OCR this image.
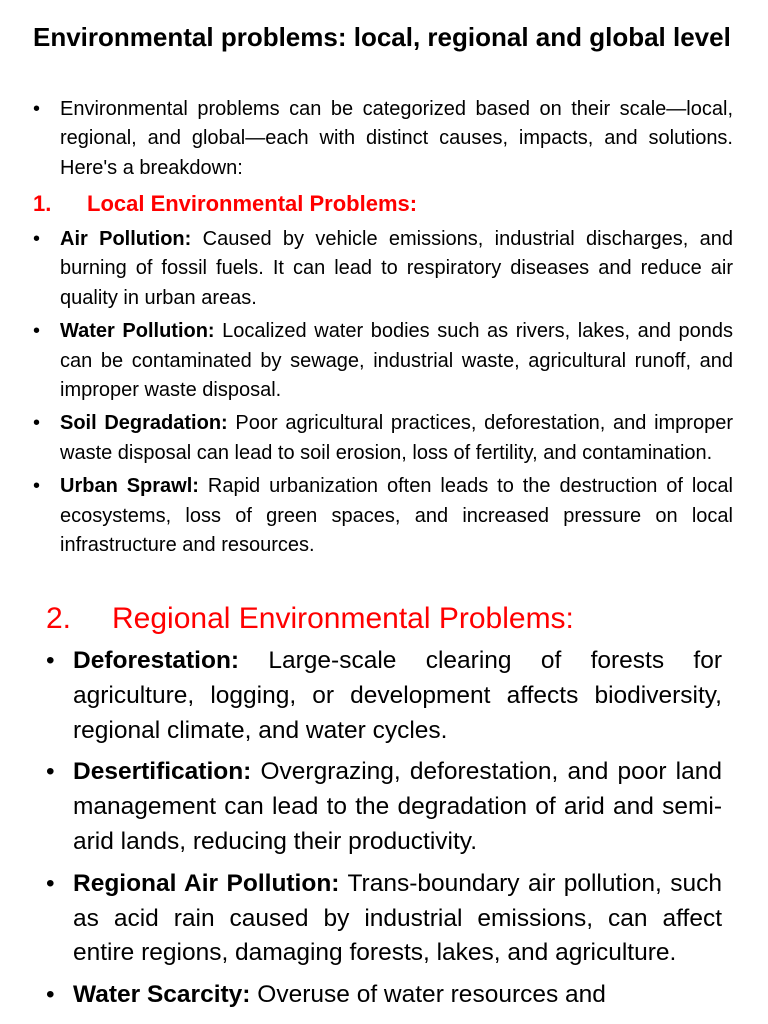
Environmental problems: local, regional and global level
• Environmental problems can be categorized based on their scale—local, regional, and global—each with distinct causes, impacts, and solutions. Here's a breakdown:
1. Local Environmental Problems:
• Air Pollution: Caused by vehicle emissions, industrial discharges, and burning of fossil fuels. It can lead to respiratory diseases and reduce air quality in urban areas.
• Water Pollution: Localized water bodies such as rivers, lakes, and ponds can be contaminated by sewage, industrial waste, agricultural runoff, and improper waste disposal.
• Soil Degradation: Poor agricultural practices, deforestation, and improper waste disposal can lead to soil erosion, loss of fertility, and contamination.
• Urban Sprawl: Rapid urbanization often leads to the destruction of local ecosystems, loss of green spaces, and increased pressure on local infrastructure and resources.
2. Regional Environmental Problems:
• Deforestation: Large-scale clearing of forests for agriculture, logging, or development affects biodiversity, regional climate, and water cycles.
• Desertification: Overgrazing, deforestation, and poor land management can lead to the degradation of arid and semi-arid lands, reducing their productivity.
• Regional Air Pollution: Trans-boundary air pollution, such as acid rain caused by industrial emissions, can affect entire regions, damaging forests, lakes, and agriculture.
• Water Scarcity: Overuse of water resources and
